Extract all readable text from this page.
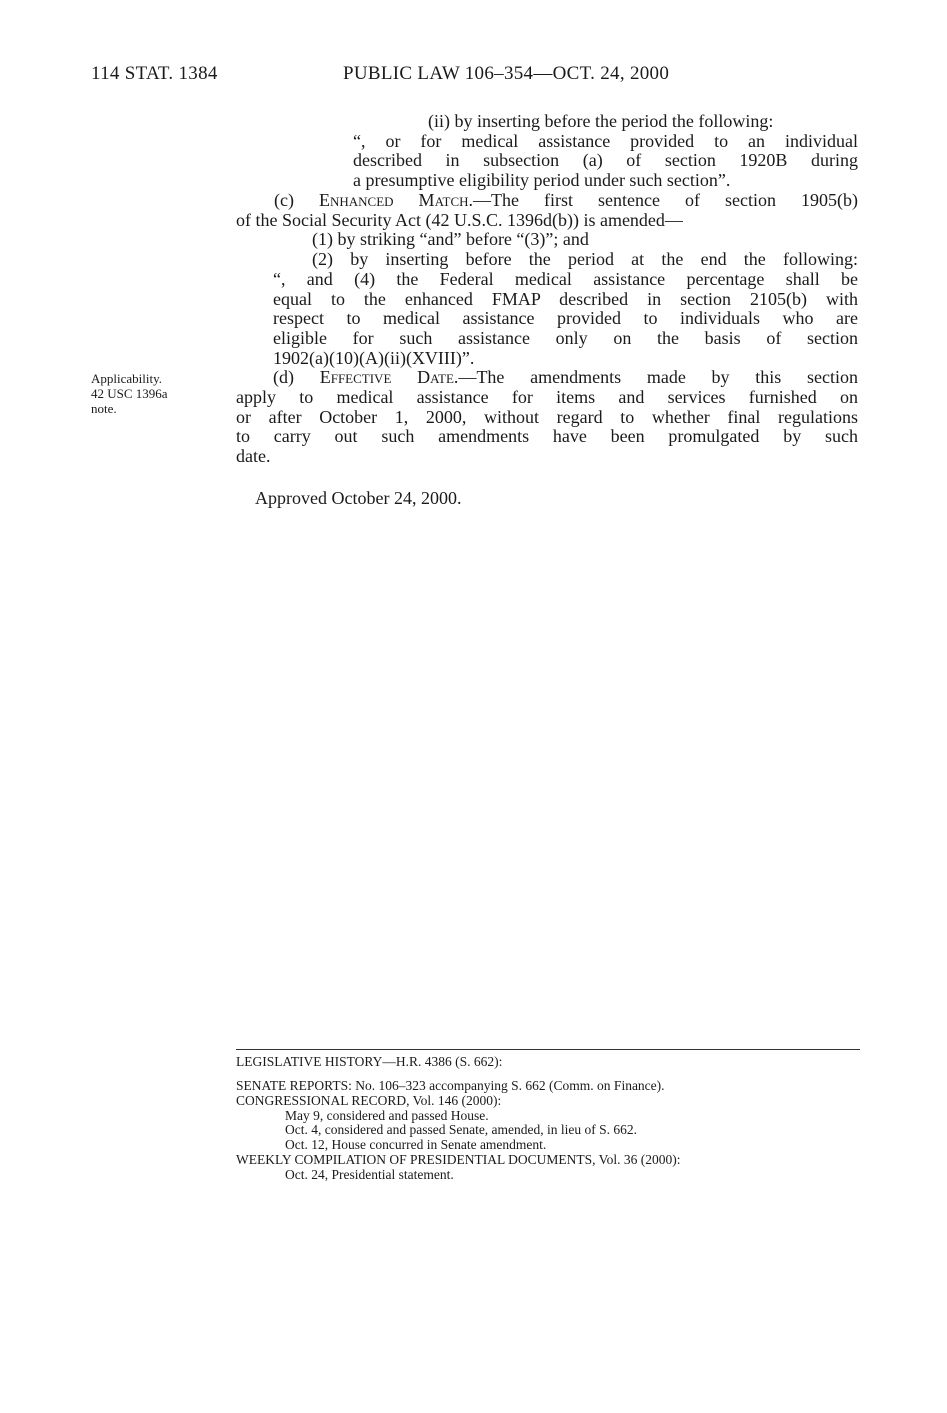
114 STAT. 1384	PUBLIC LAW 106–354—OCT. 24, 2000
(ii) by inserting before the period the following:
“, or for medical assistance provided to an individual
described in subsection (a) of section 1920B during
a presumptive eligibility period under such section”.
(c) Enhanced Match.—The first sentence of section 1905(b)
of the Social Security Act (42 U.S.C. 1396d(b)) is amended—
(1) by striking “and” before “(3)”; and
(2) by inserting before the period at the end the following:
“, and (4) the Federal medical assistance percentage shall be
equal to the enhanced FMAP described in section 2105(b) with
respect to medical assistance provided to individuals who are
eligible for such assistance only on the basis of section
1902(a)(10)(A)(ii)(XVIII)”.
(d) Effective Date.—The amendments made by this section
apply to medical assistance for items and services furnished on
or after October 1, 2000, without regard to whether final regulations
to carry out such amendments have been promulgated by such
date.
Applicability.
42 USC 1396a
note.
Approved October 24, 2000.
LEGISLATIVE HISTORY—H.R. 4386 (S. 662):
SENATE REPORTS: No. 106–323 accompanying S. 662 (Comm. on Finance).
CONGRESSIONAL RECORD, Vol. 146 (2000):
May 9, considered and passed House.
Oct. 4, considered and passed Senate, amended, in lieu of S. 662.
Oct. 12, House concurred in Senate amendment.
WEEKLY COMPILATION OF PRESIDENTIAL DOCUMENTS, Vol. 36 (2000):
Oct. 24, Presidential statement.
